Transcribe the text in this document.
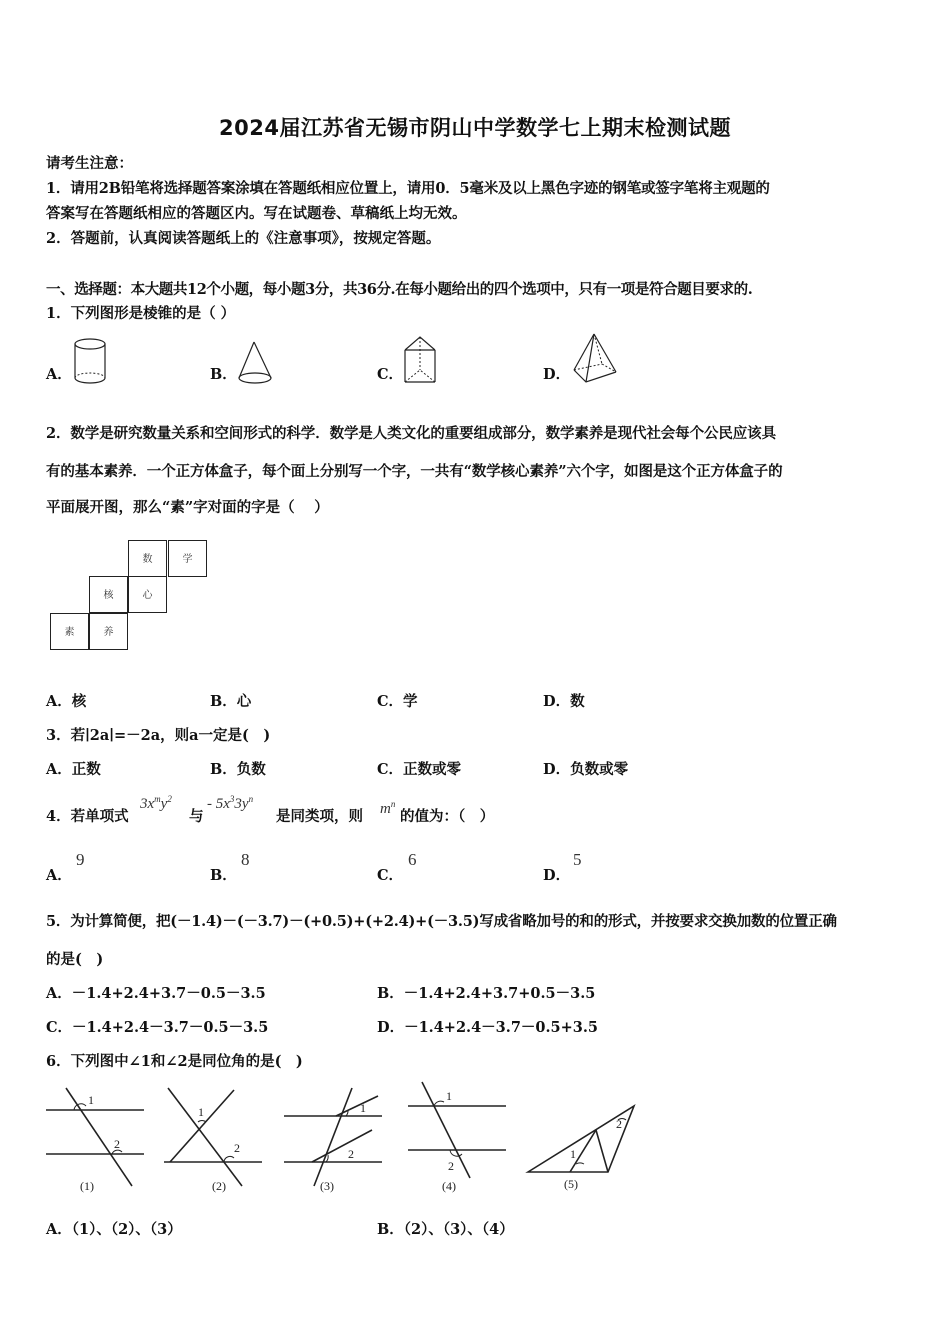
2024届江苏省无锡市阴山中学数学七上期末检测试题
请考生注意：
1．请用2B铅笔将选择题答案涂填在答题纸相应位置上，请用0．5毫米及以上黑色字迹的钢笔或签字笔将主观题的
答案写在答题纸相应的答题区内。写在试题卷、草稿纸上均无效。
2．答题前，认真阅读答题纸上的《注意事项》，按规定答题。
一、选择题：本大题共12个小题，每小题3分，共36分.在每小题给出的四个选项中，只有一项是符合题目要求的.
1．下列图形是棱锥的是（ ）
A．	B．	C．	D．
2．数学是研究数量关系和空间形式的科学．数学是人类文化的重要组成部分，数学素养是现代社会每个公民应该具
有的基本素养．一个正方体盒子，每个面上分别写一个字，一共有“数学核心素养”六个字，如图是这个正方体盒子的
平面展开图，那么“素”字对面的字是（　 ）
数	学
核	心
素	养
A．核	B．心	C．学	D．数
3．若∣2a∣=－2a，则a一定是(　)
A．正数	B．负数	C．正数或零	D．负数或零
4．若单项式
$3x^my^2$
与
- $5x^33y^n$
是同类项，则 $m^n$
的值为：（　）
A．
9
B．
8
C．
6
D．
5
5．为计算简便，把(－1.4)－(－3.7)－(+0.5)+(+2.4)+(－3.5)写成省略加号的和的形式，并按要求交换加数的位置正确
的是(　)
A．－1.4+2.4+3.7－0.5－3.5	B．－1.4+2.4+3.7+0.5－3.5
C．－1.4+2.4－3.7－0.5－3.5	D．－1.4+2.4－3.7－0.5+3.5
6．下列图中∠1和∠2是同位角的是(　)
1
2
(1)
1
2
(2)
1
2
(3)
1
2
(4)
1
2
(5)
A．（1）、（2）、（3）	B．（2）、（3）、（4）
